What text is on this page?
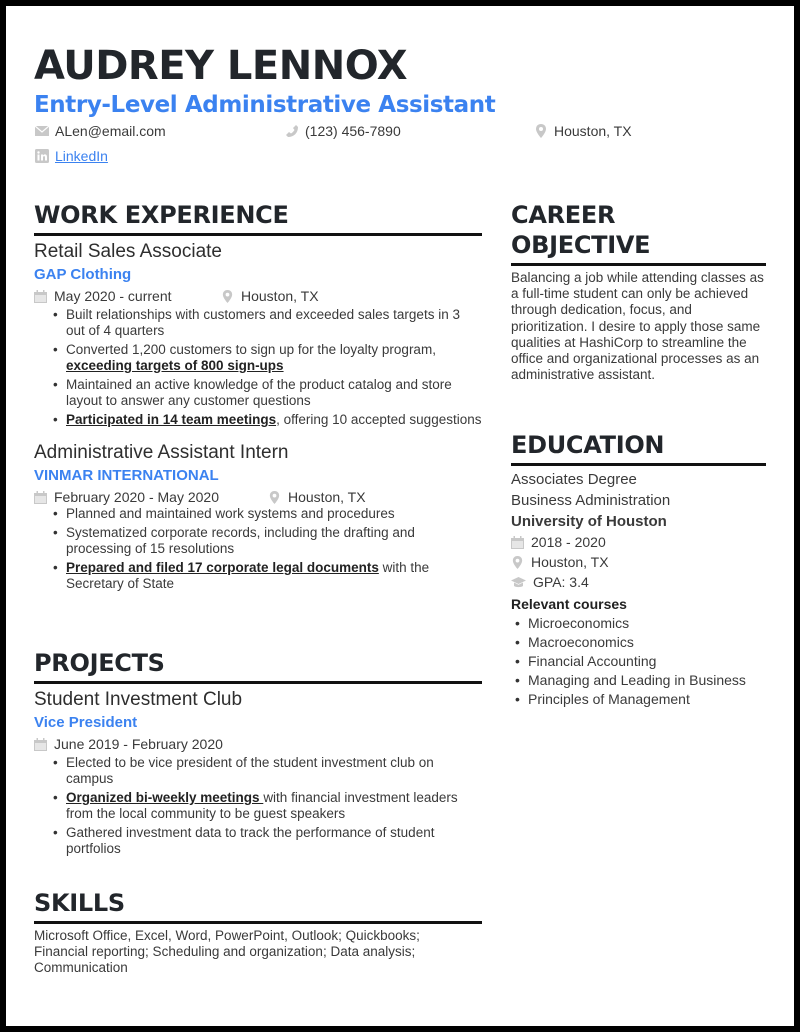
AUDREY LENNOX
Entry-Level Administrative Assistant
ALen@email.com	(123) 456-7890	Houston, TX
LinkedIn
WORK EXPERIENCE
Retail Sales Associate
GAP Clothing
May 2020 - current	Houston, TX
• Built relationships with customers and exceeded sales targets in 3 out of 4 quarters
• Converted 1,200 customers to sign up for the loyalty program, exceeding targets of 800 sign-ups
• Maintained an active knowledge of the product catalog and store layout to answer any customer questions
• Participated in 14 team meetings, offering 10 accepted suggestions
Administrative Assistant Intern
VINMAR INTERNATIONAL
February 2020 - May 2020	Houston, TX
• Planned and maintained work systems and procedures
• Systematized corporate records, including the drafting and processing of 15 resolutions
• Prepared and filed 17 corporate legal documents with the Secretary of State
PROJECTS
Student Investment Club
Vice President
June 2019 - February 2020
• Elected to be vice president of the student investment club on campus
• Organized bi-weekly meetings with financial investment leaders from the local community to be guest speakers
• Gathered investment data to track the performance of student portfolios
SKILLS
Microsoft Office, Excel, Word, PowerPoint, Outlook; Quickbooks; Financial reporting; Scheduling and organization; Data analysis; Communication
CAREER
OBJECTIVE
Balancing a job while attending classes as a full-time student can only be achieved through dedication, focus, and prioritization. I desire to apply those same qualities at HashiCorp to streamline the office and organizational processes as an administrative assistant.
EDUCATION
Associates Degree
Business Administration
University of Houston
2018 - 2020
Houston, TX
GPA: 3.4
Relevant courses
• Microeconomics
• Macroeconomics
• Financial Accounting
• Managing and Leading in Business
• Principles of Management
